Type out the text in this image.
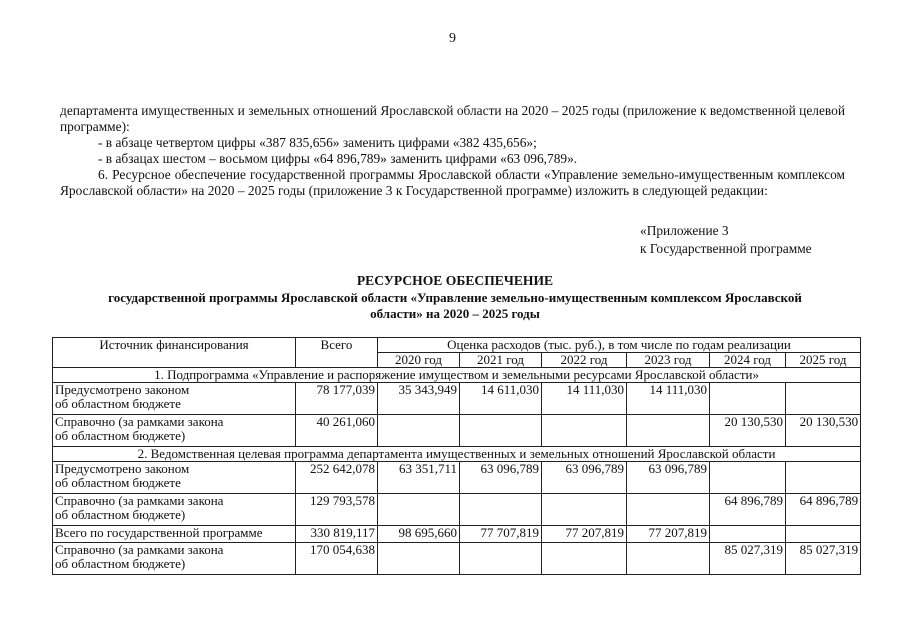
9
департамента имущественных и земельных отношений Ярославской области на 2020 – 2025 годы (приложение к ведомственной целевой программе):
- в абзаце четвертом цифры «387 835,656» заменить цифрами «382 435,656»;
- в абзацах шестом – восьмом цифры «64 896,789» заменить цифрами «63 096,789».
6. Ресурсное обеспечение государственной программы Ярославской области «Управление земельно-имущественным комплексом Ярославской области» на 2020 – 2025 годы (приложение 3 к Государственной программе) изложить в следующей редакции:
«Приложение 3
к Государственной программе
РЕСУРСНОЕ ОБЕСПЕЧЕНИЕ
государственной программы Ярославской области «Управление земельно-имущественным комплексом Ярославской области» на 2020 – 2025 годы
Источник финансирования	Всего	Оценка расходов (тыс. руб.), в том числе по годам реализации					
		2020 год	2021 год	2022 год	2023 год	2024 год	2025 год
1. Подпрограмма «Управление и распоряжение имуществом и земельными ресурсами Ярославской области»							

Предусмотрено законом
об областном бюджете	78 177,039	35 343,949	14 611,030	14 111,030	14 111,030		

Справочно (за рамками закона
об областном бюджете)	40 261,060					20 130,530	20 130,530
2. Ведомственная целевая программа департамента имущественных и земельных отношений Ярославской области							

Предусмотрено законом
об областном бюджете	252 642,078	63 351,711	63 096,789	63 096,789	63 096,789		

Справочно (за рамками закона
об областном бюджете)	129 793,578					64 896,789	64 896,789
Всего по государственной программе	330 819,117	98 695,660	77 707,819	77 207,819	77 207,819		

Справочно (за рамками закона
об областном бюджете)	170 054,638					85 027,319	85 027,319
